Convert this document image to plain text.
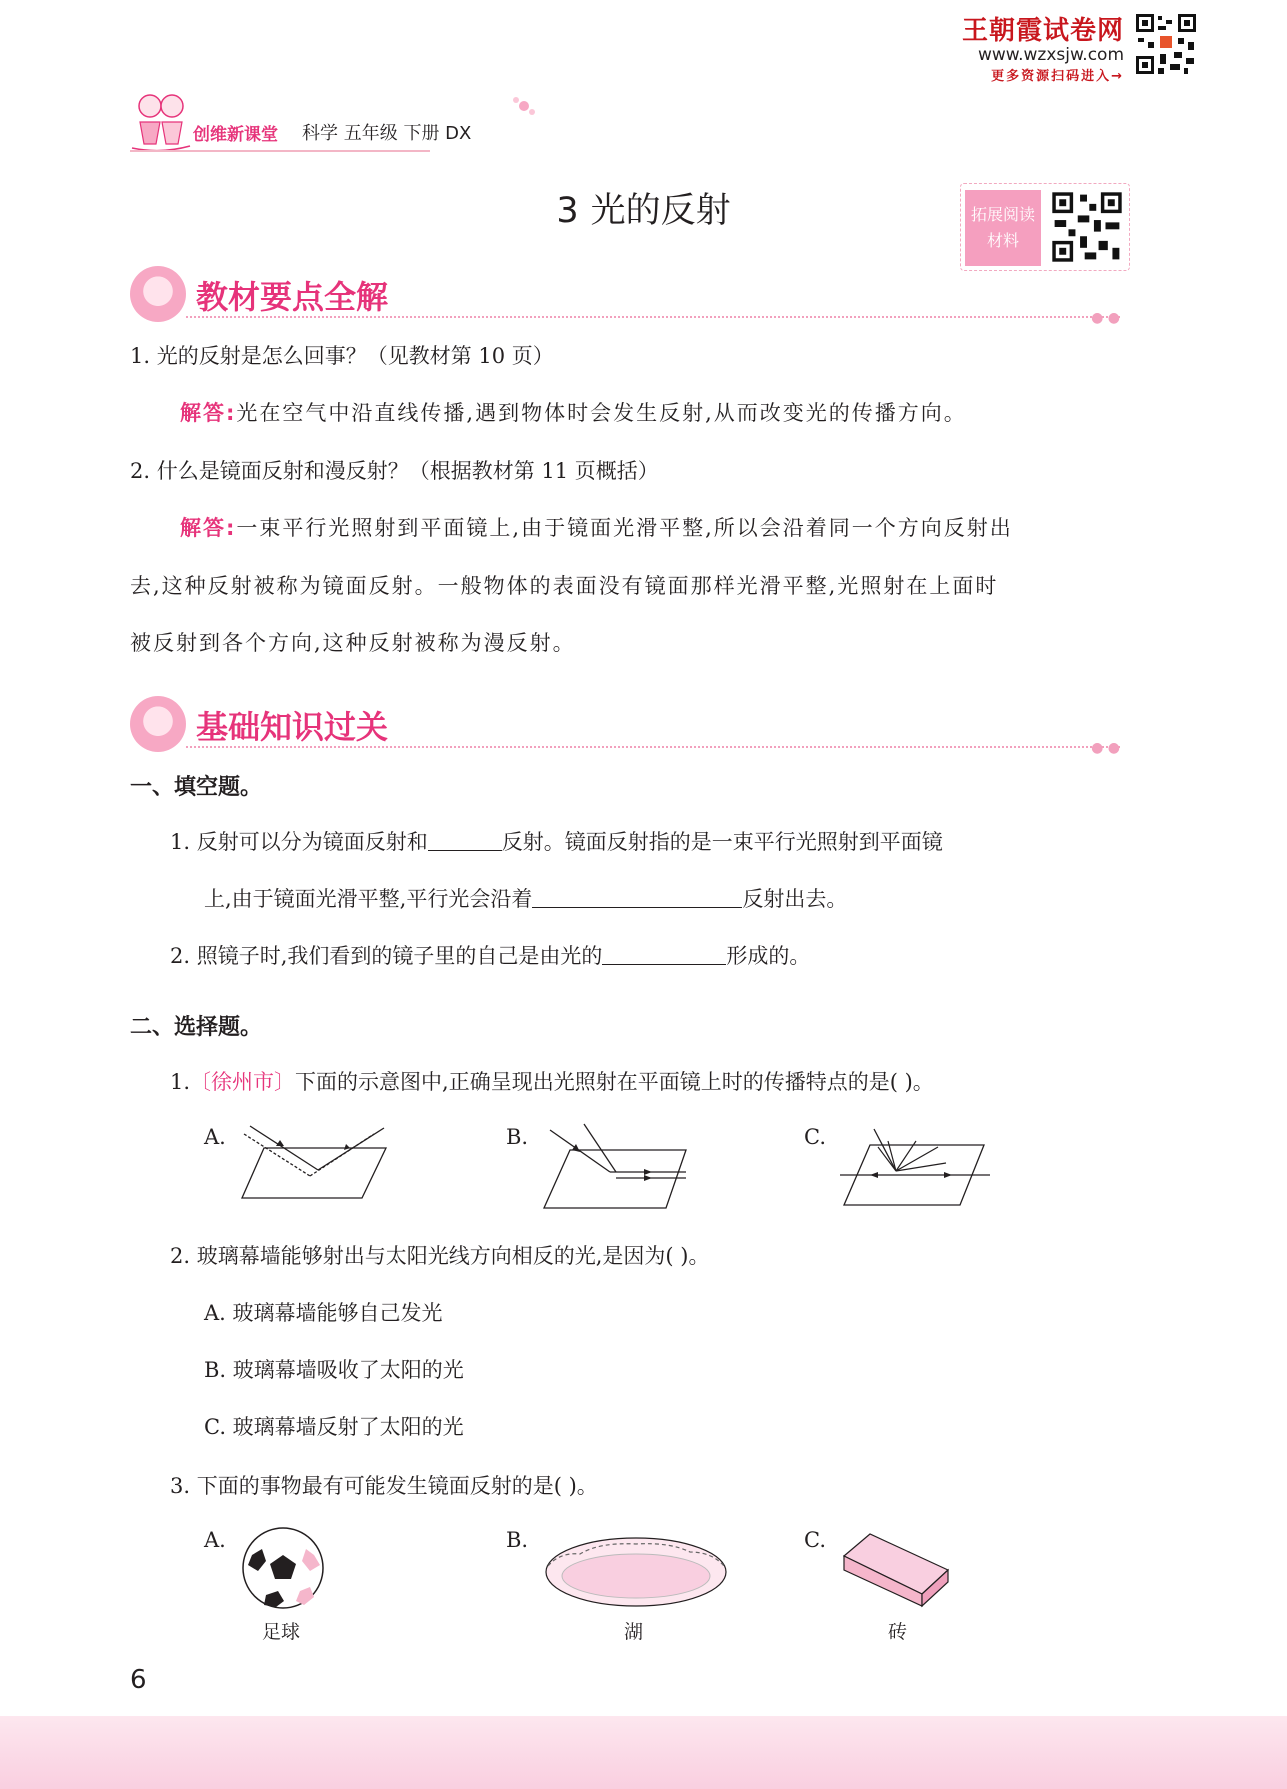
王朝霞试卷网
www.wzxsjw.com
更多资源扫码进入→
创维新课堂 科学 五年级 下册 DX
3 光的反射	拓展阅读
材料
教材要点全解
● ●
1. 光的反射是怎么回事？（见教材第 10 页）
解答:光在空气中沿直线传播,遇到物体时会发生反射,从而改变光的传播方向。
2. 什么是镜面反射和漫反射？（根据教材第 11 页概括）
解答:一束平行光照射到平面镜上,由于镜面光滑平整,所以会沿着同一个方向反射出
去,这种反射被称为镜面反射。一般物体的表面没有镜面那样光滑平整,光照射在上面时
被反射到各个方向,这种反射被称为漫反射。
基础知识过关
● ●
一、填空题。
1. 反射可以分为镜面反射和	反射。镜面反射指的是一束平行光照射到平面镜
上,由于镜面光滑平整,平行光会沿着	反射出去。
2. 照镜子时,我们看到的镜子里的自己是由光的	形成的。
二、选择题。
1.〔徐州市〕下面的示意图中,正确呈现出光照射在平面镜上时的传播特点的是( )。
A.	B.	C.
2. 玻璃幕墙能够射出与太阳光线方向相反的光,是因为( )。
A. 玻璃幕墙能够自己发光
B. 玻璃幕墙吸收了太阳的光
C. 玻璃幕墙反射了太阳的光
3. 下面的事物最有可能发生镜面反射的是( )。
A.
足球
B.
湖
C.
砖
6
